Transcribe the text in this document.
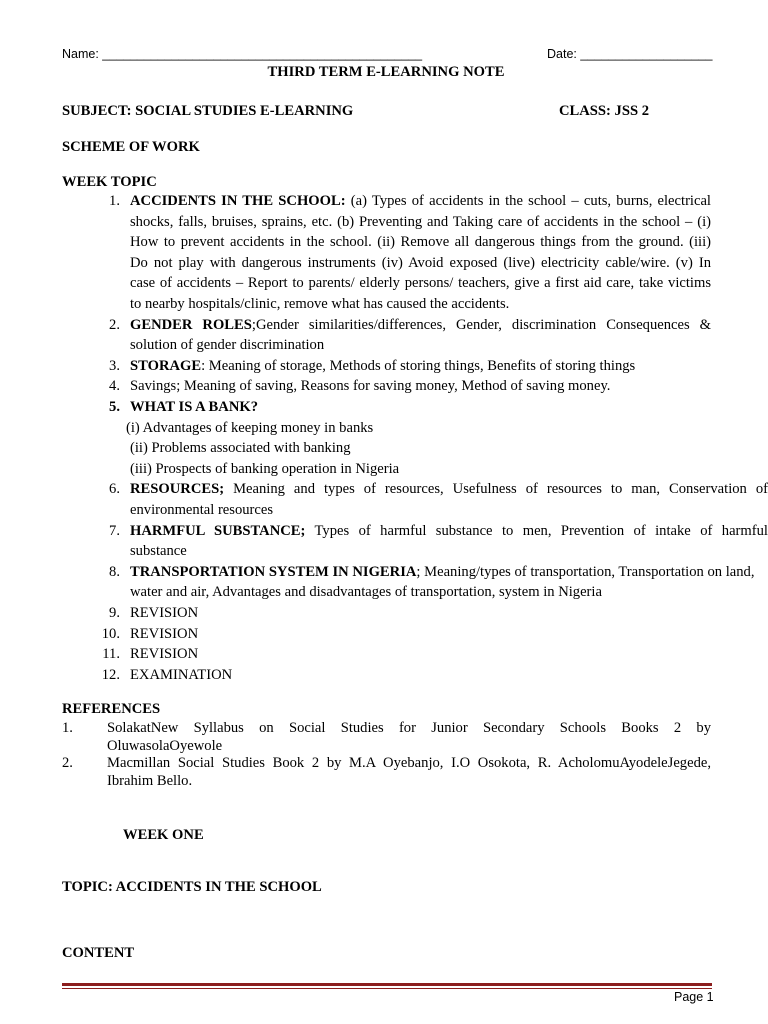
Name: ______________________________________________	Date: ___________________
THIRD TERM E-LEARNING NOTE
SUBJECT: SOCIAL STUDIES E-LEARNING	CLASS: JSS 2
SCHEME OF WORK
WEEK TOPIC
1. ACCIDENTS IN THE SCHOOL: (a) Types of accidents in the school – cuts, burns, electrical
shocks, falls, bruises, sprains, etc. (b) Preventing and Taking care of accidents in the school – (i)
How to prevent accidents in the school. (ii) Remove all dangerous things from the ground. (iii)
Do not play with dangerous instruments (iv) Avoid exposed (live) electricity cable/wire. (v) In
case of accidents – Report to parents/ elderly persons/ teachers, give a first aid care, take victims
to nearby hospitals/clinic, remove what has caused the accidents.
2. GENDER ROLES;Gender similarities/differences, Gender, discrimination Consequences &
solution of gender discrimination
3. STORAGE: Meaning of storage, Methods of storing things, Benefits of storing things
4. Savings; Meaning of saving, Reasons for saving money, Method of saving money.
5. WHAT IS A BANK?
(i) Advantages of keeping money in banks
(ii) Problems associated with banking
(iii) Prospects of banking operation in Nigeria
6. RESOURCES; Meaning and types of resources, Usefulness of resources to man, Conservation of
environmental resources
7. HARMFUL SUBSTANCE; Types of harmful substance to men, Prevention of intake of harmful
substance
8. TRANSPORTATION SYSTEM IN NIGERIA; Meaning/types of transportation, Transportation on land,
water and air, Advantages and disadvantages of transportation, system in Nigeria
9. REVISION
10. REVISION
11. REVISION
12. EXAMINATION
REFERENCES
1. SolakatNew Syllabus on Social Studies for Junior Secondary Schools Books 2 by
OluwasolaOyewole
2. Macmillan Social Studies Book 2 by M.A Oyebanjo, I.O Osokota, R. AcholomuAyodeleJegede,
Ibrahim Bello.
WEEK ONE
TOPIC: ACCIDENTS IN THE SCHOOL
CONTENT
Page 1
